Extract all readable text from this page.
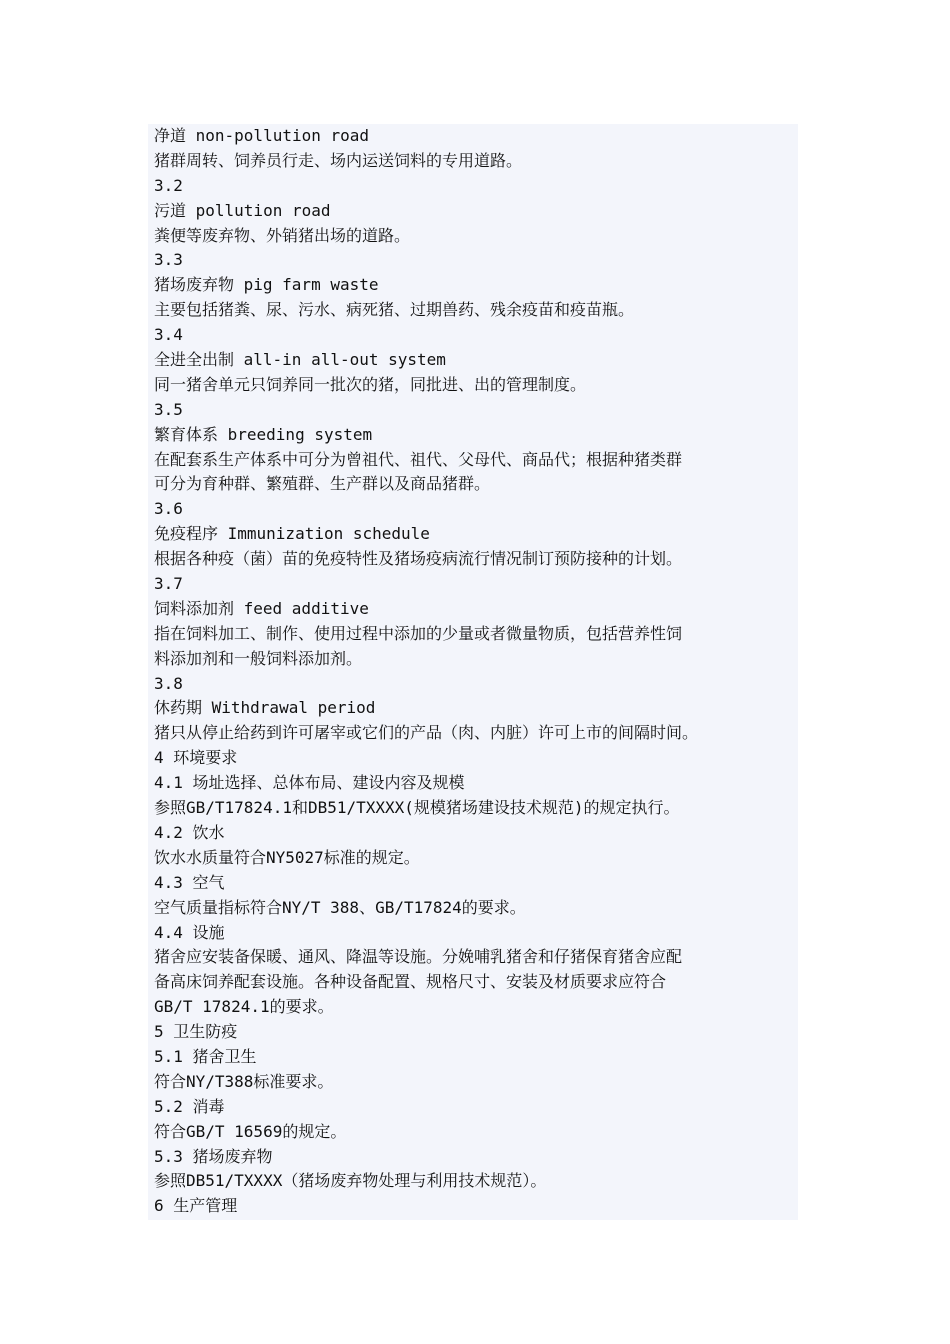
净道 non-pollution road
猪群周转、饲养员行走、场内运送饲料的专用道路。
3.2
污道 pollution road
粪便等废弃物、外销猪出场的道路。
3.3
猪场废弃物 pig farm waste
主要包括猪粪、尿、污水、病死猪、过期兽药、残余疫苗和疫苗瓶。
3.4
全进全出制 all-in all-out system
同一猪舍单元只饲养同一批次的猪，同批进、出的管理制度。
3.5
繁育体系 breeding system
在配套系生产体系中可分为曾祖代、祖代、父母代、商品代；根据种猪类群
可分为育种群、繁殖群、生产群以及商品猪群。
3.6
免疫程序 Immunization schedule
根据各种疫（菌）苗的免疫特性及猪场疫病流行情况制订预防接种的计划。
3.7
饲料添加剂 feed additive
指在饲料加工、制作、使用过程中添加的少量或者微量物质，包括营养性饲
料添加剂和一般饲料添加剂。
3.8
休药期 Withdrawal period
猪只从停止给药到许可屠宰或它们的产品（肉、内脏）许可上市的间隔时间。
4 环境要求
4.1 场址选择、总体布局、建设内容及规模
参照GB/T17824.1和DB51/TXXXX(规模猪场建设技术规范)的规定执行。
4.2 饮水
饮水水质量符合NY5027标准的规定。
4.3 空气
空气质量指标符合NY/T 388、GB/T17824的要求。
4.4 设施
猪舍应安装备保暖、通风、降温等设施。分娩哺乳猪舍和仔猪保育猪舍应配
备高床饲养配套设施。各种设备配置、规格尺寸、安装及材质要求应符合
GB/T 17824.1的要求。
5 卫生防疫
5.1 猪舍卫生
符合NY/T388标准要求。
5.2 消毒
符合GB/T 16569的规定。
5.3 猪场废弃物
参照DB51/TXXXX（猪场废弃物处理与利用技术规范）。
6 生产管理
